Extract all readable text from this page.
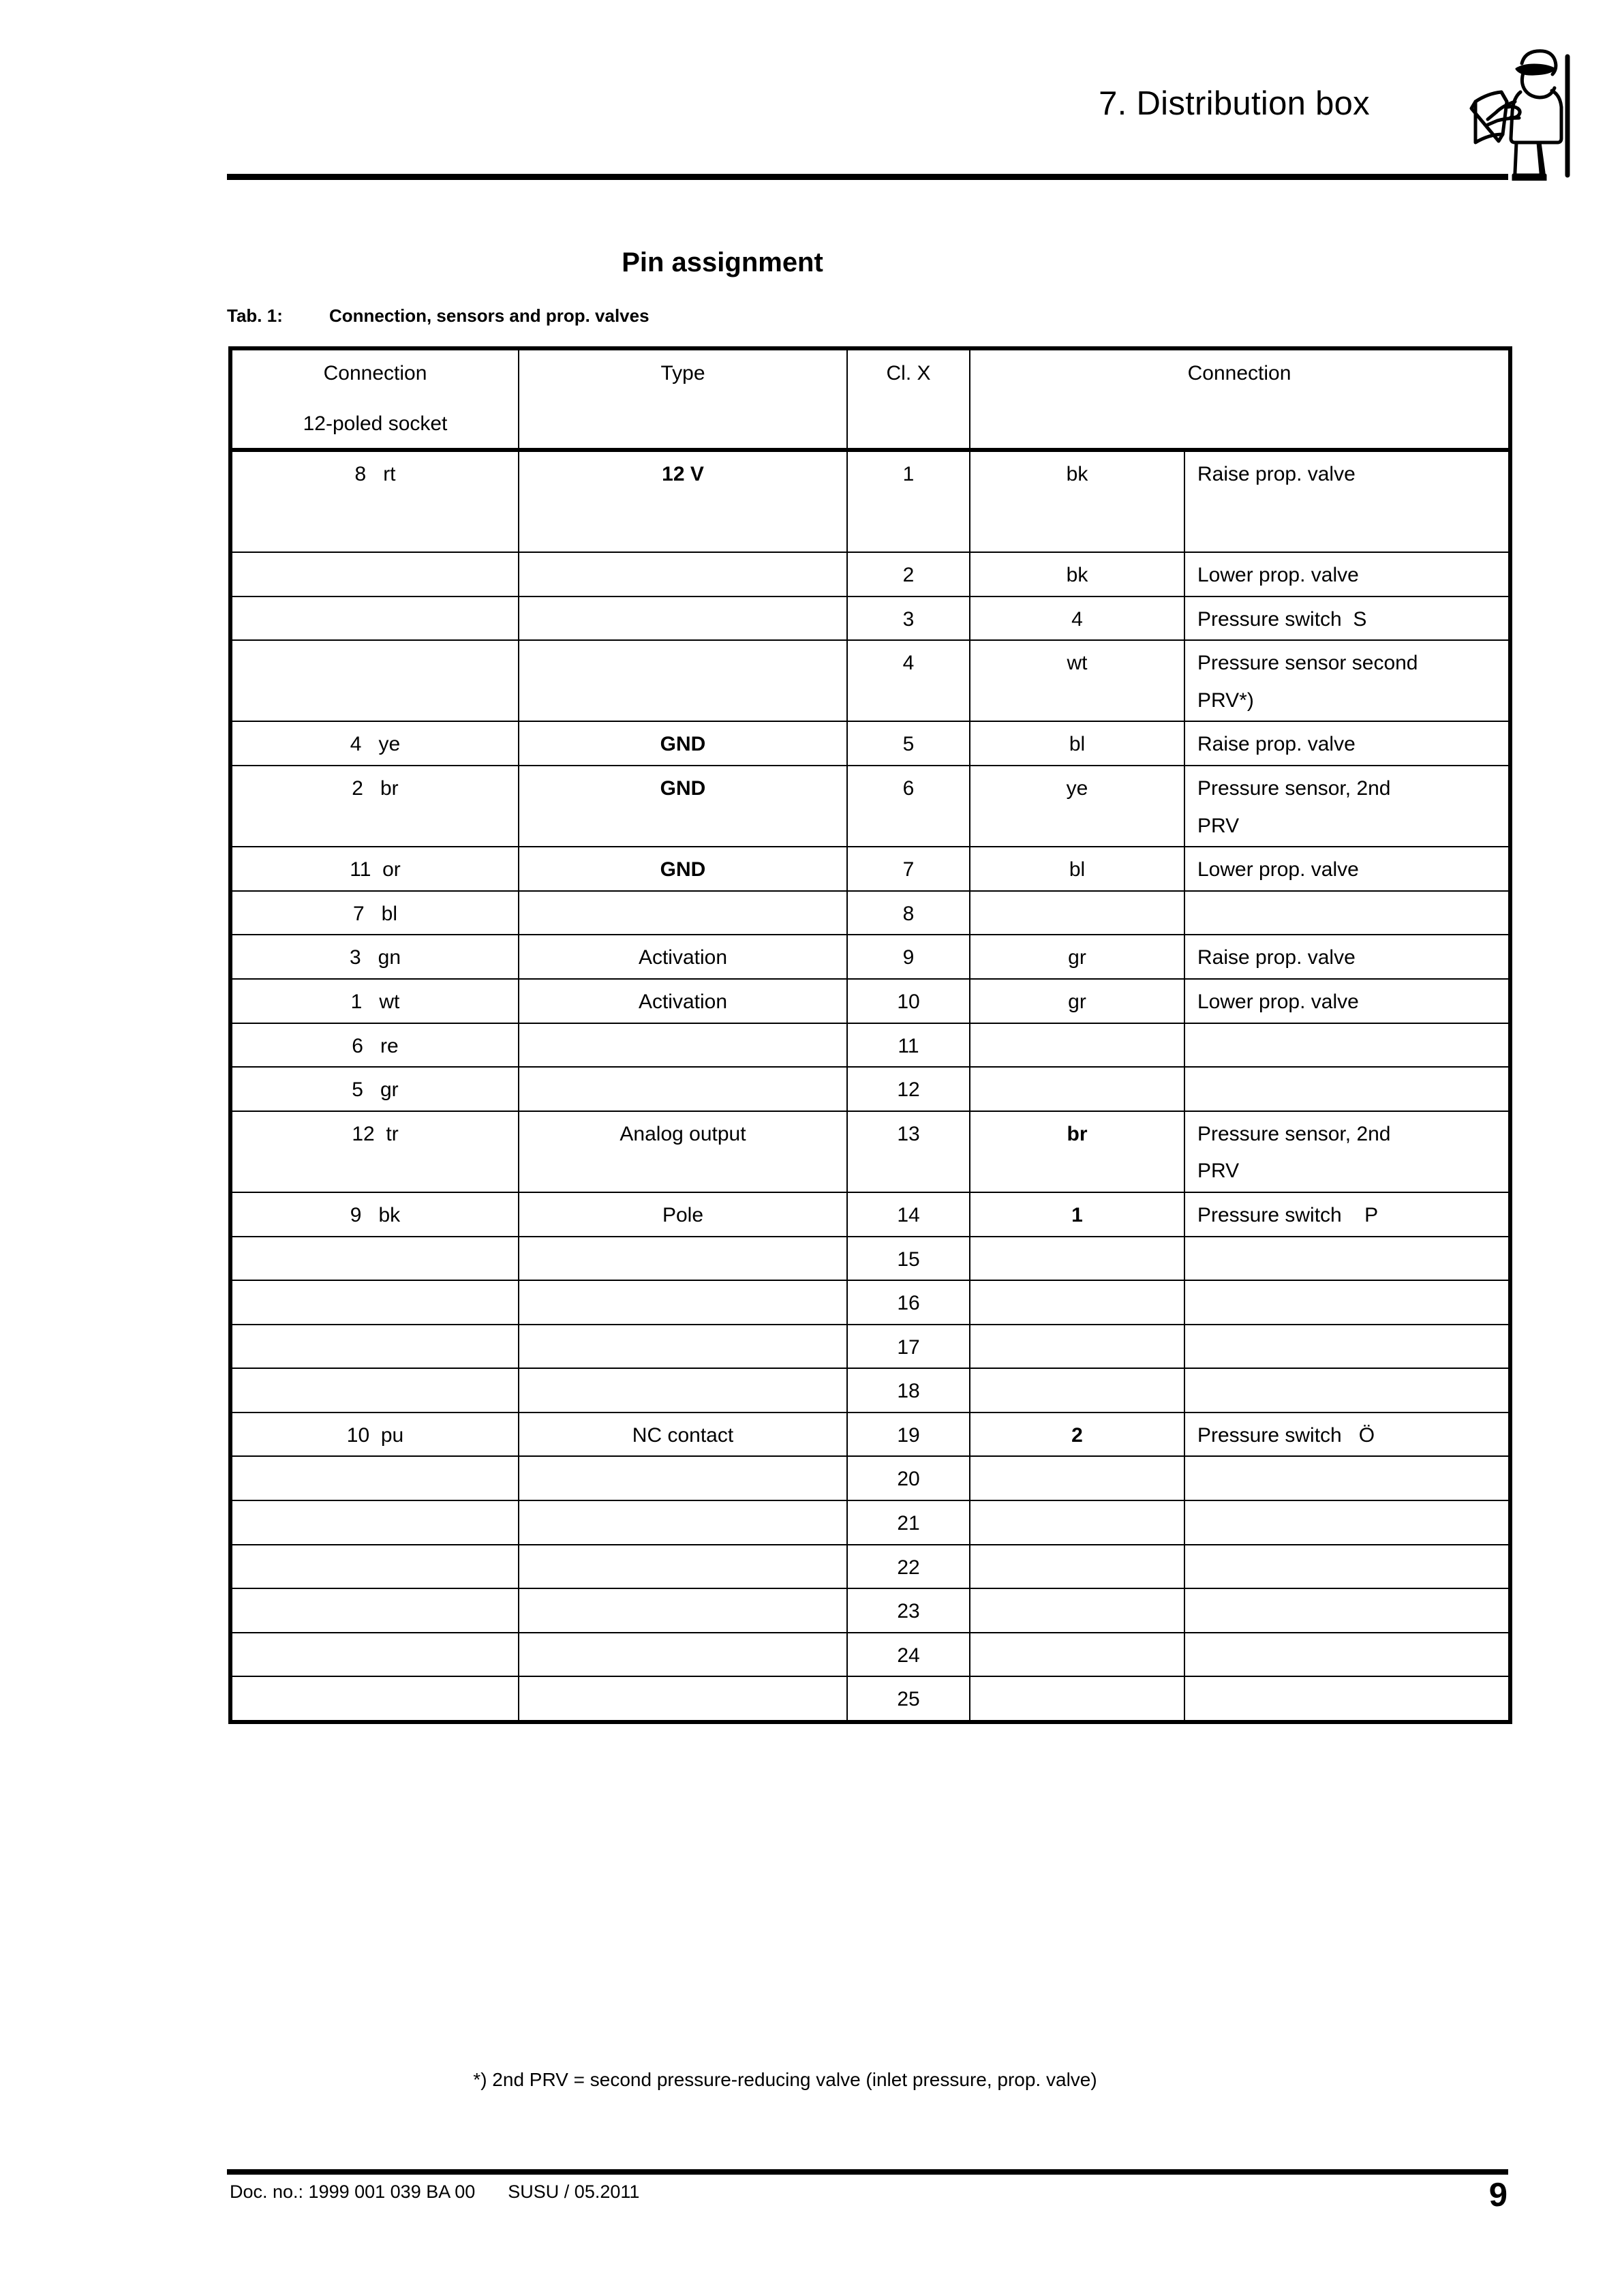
7. Distribution box
Pin assignment
Tab. 1:	Connection, sensors and prop. valves
Connection
12-poled socket	Type	Cl. X	Connection	

8 rt	12 V	1	bk	Raise prop. valve

		2	bk	Lower prop. valve

		3	4	Pressure switch  S

		4	wt	Pressure sensor second
PRV*)

4 ye	GND	5	bl	Raise prop. valve

2 br	GND	6	ye	Pressure sensor, 2nd
PRV

11 or	GND	7	bl	Lower prop. valve

7 bl		8		

3 gn	Activation	9	gr	Raise prop. valve

1 wt	Activation	10	gr	Lower prop. valve

6 re		11		

5 gr		12		

12 tr	Analog output	13	br	Pressure sensor, 2nd
PRV

9 bk	Pole	14	1	Pressure switch    P

		15		

		16		

		17		

		18		

10 pu	NC contact	19	2	Pressure switch   Ö

		20		

		21		

		22		

		23		

		24		

		25		

*) 2nd PRV = second pressure-reducing valve (inlet pressure, prop. valve)
Doc. no.: 1999 001 039 BA 00 SUSU / 05.2011	9
